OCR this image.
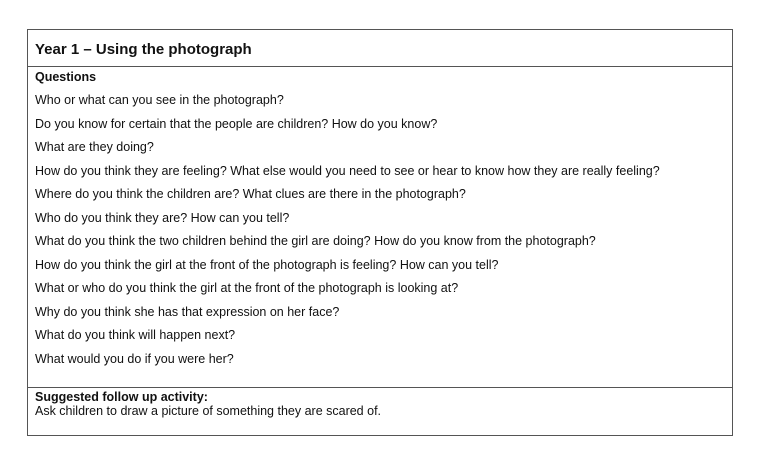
Year 1 – Using the photograph
Questions
Who or what can you see in the photograph?
Do you know for certain that the people are children? How do you know?
What are they doing?
How do you think they are feeling? What else would you need to see or hear to know how they are really feeling?
Where do you think the children are? What clues are there in the photograph?
Who do you think they are? How can you tell?
What do you think the two children behind the girl are doing? How do you know from the photograph?
How do you think the girl at the front of the photograph is feeling? How can you tell?
What or who do you think the girl at the front of the photograph is looking at?
Why do you think she has that expression on her face?
What do you think will happen next?
What would you do if you were her?
Suggested follow up activity:
Ask children to draw a picture of something they are scared of.
